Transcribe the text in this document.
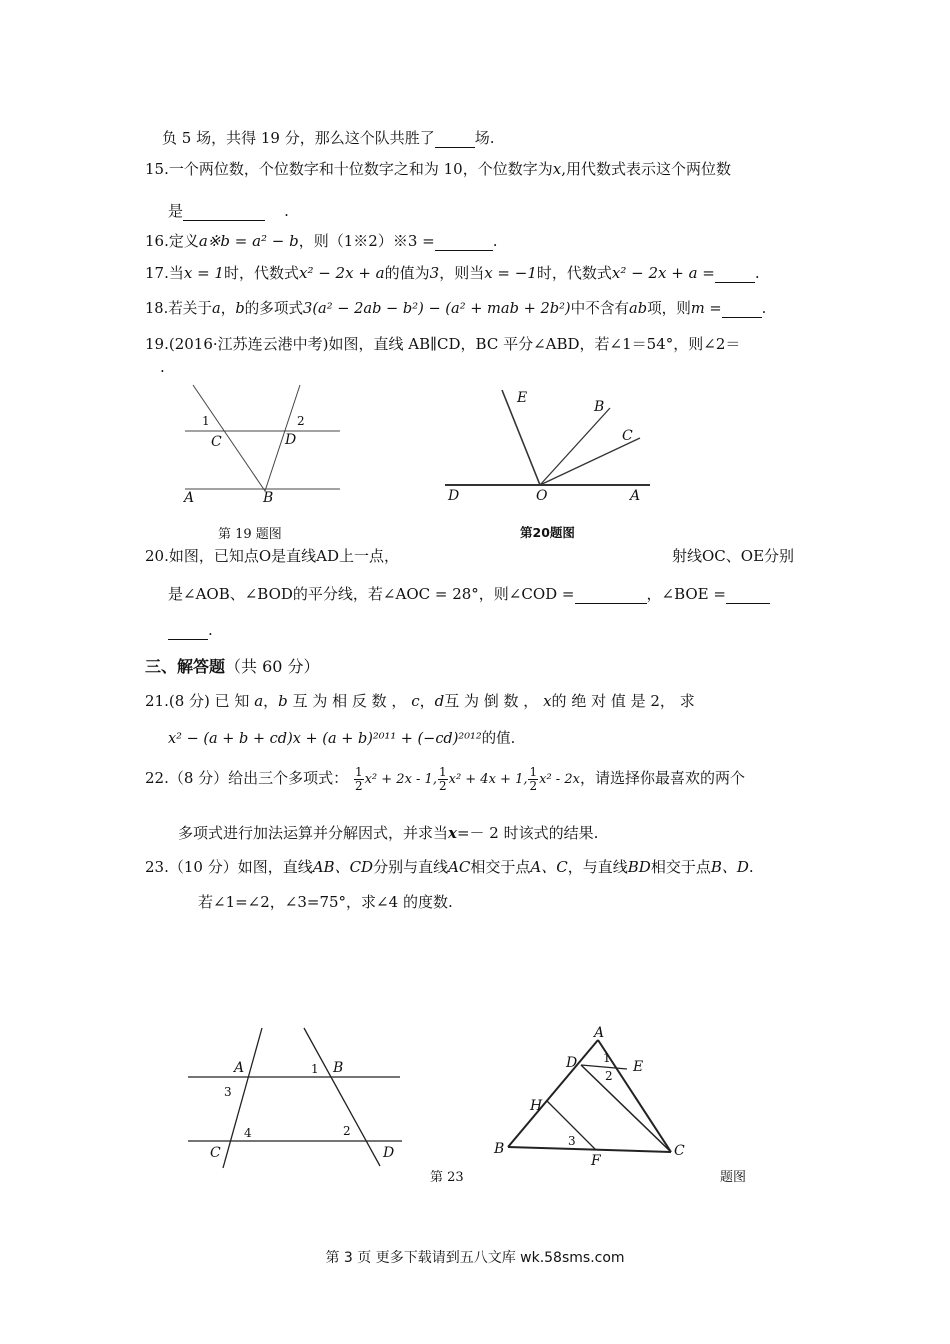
负 5 场，共得 19 分，那么这个队共胜了	场.
15.一个两位数，个位数字和十位数字之和为 10，个位数字为x,用代数式表示这个两位数
是	.
16.定义a※b = a² − b，则（1※2）※3 =	.
17.当x = 1时，代数式x² − 2x + a的值为3，则当x = −1时，代数式x² − 2x + a =	.
18.若关于a，b的多项式3(a² − 2ab − b²) − (a² + mab + 2b²)中不含有ab项，则m =	.
19.(2016·江苏连云港中考)如图，直线 AB∥CD，BC 平分∠ABD，若∠1＝54°，则∠2＝
.
1	2
C	D
A	B
第 19 题图
E
B
C
D	O	A
第20题图
20.如图，已知点O是直线AD上一点，	射线OC、OE分别
是∠AOB、∠BOD的平分线，若∠AOC = 28°，则∠COD =	，∠BOE =
.
三、解答题（共 60 分）
21.(8 分) 已 知 a，b 互 为 相 反 数 ， c，d互 为 倒 数 ， x的 绝 对 值 是 2， 求
x² − (a + b + cd)x + (a + b)²⁰¹¹ + (−cd)²⁰¹²的值.
22.（8 分）给出三个多项式： $\frac{1}{2} x^2 + 2x - 1$, $\frac{1}{2} x^2 + 4x + 1$, $\frac{1}{2} x^2 - 2x$，请选择你最喜欢的两个
多项式进行加法运算并分解因式，并求当x=－ 2 时该式的结果.
23.（10 分）如图，直线AB、CD分别与直线AC相交于点A、C，与直线BD相交于点B、D.
若∠1=∠2，∠3=75°，求∠4 的度数.
A	B
C	D
1
3
4	2
A
D	E
H
B
F
C
1
2
3
第 23	题图
第 3 页 更多下载请到五八文库 wk.58sms.com
